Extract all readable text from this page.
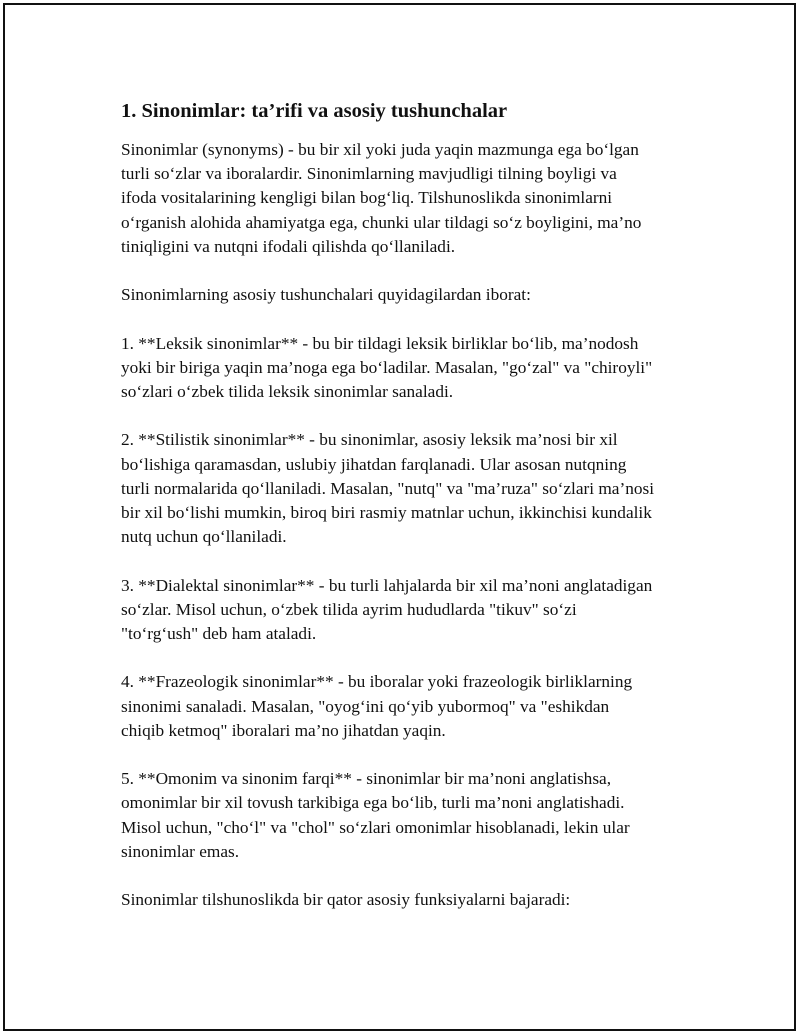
1. Sinonimlar: ta’rifi va asosiy tushunchalar
Sinonimlar (synonyms) - bu bir xil yoki juda yaqin mazmunga ega bo‘lgan
turli so‘zlar va iboralardir. Sinonimlarning mavjudligi tilning boyligi va
ifoda vositalarining kengligi bilan bog‘liq. Tilshunoslikda sinonimlarni
o‘rganish alohida ahamiyatga ega, chunki ular tildagi so‘z boyligini, ma’no
tiniqligini va nutqni ifodali qilishda qo‘llaniladi.
Sinonimlarning asosiy tushunchalari quyidagilardan iborat:
1. **Leksik sinonimlar** - bu bir tildagi leksik birliklar bo‘lib, ma’nodosh
yoki bir biriga yaqin ma’noga ega bo‘ladilar. Masalan, "go‘zal" va "chiroyli"
so‘zlari o‘zbek tilida leksik sinonimlar sanaladi.
2. **Stilistik sinonimlar** - bu sinonimlar, asosiy leksik ma’nosi bir xil
bo‘lishiga qaramasdan, uslubiy jihatdan farqlanadi. Ular asosan nutqning
turli normalarida qo‘llaniladi. Masalan, "nutq" va "ma’ruza" so‘zlari ma’nosi
bir xil bo‘lishi mumkin, biroq biri rasmiy matnlar uchun, ikkinchisi kundalik
nutq uchun qo‘llaniladi.
3. **Dialektal sinonimlar** - bu turli lahjalarda bir xil ma’noni anglatadigan
so‘zlar. Misol uchun, o‘zbek tilida ayrim hududlarda "tikuv" so‘zi
"to‘rg‘ush" deb ham ataladi.
4. **Frazeologik sinonimlar** - bu iboralar yoki frazeologik birliklarning
sinonimi sanaladi. Masalan, "oyog‘ini qo‘yib yubormoq" va "eshikdan
chiqib ketmoq" iboralari ma’no jihatdan yaqin.
5. **Omonim va sinonim farqi** - sinonimlar bir ma’noni anglatishsa,
omonimlar bir xil tovush tarkibiga ega bo‘lib, turli ma’noni anglatishadi.
Misol uchun, "cho‘l" va "chol" so‘zlari omonimlar hisoblanadi, lekin ular
sinonimlar emas.
Sinonimlar tilshunoslikda bir qator asosiy funksiyalarni bajaradi:
